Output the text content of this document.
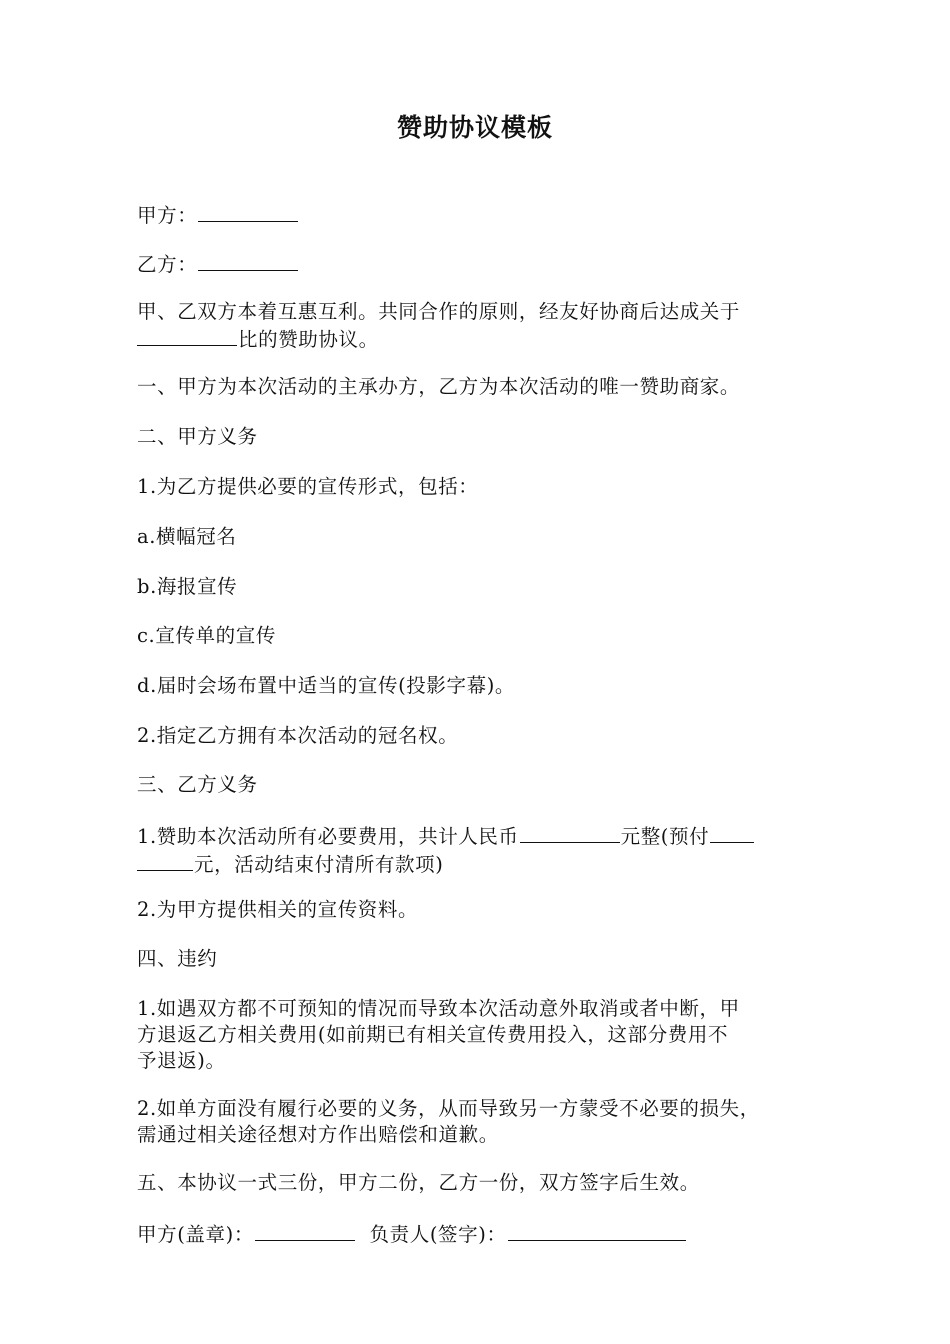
赞助协议模板
甲方：
乙方：
甲、乙双方本着互惠互利。共同合作的原则，经友好协商后达成关于
比的赞助协议。
一、甲方为本次活动的主承办方，乙方为本次活动的唯一赞助商家。
二、甲方义务
1.为乙方提供必要的宣传形式，包括：
a.横幅冠名
b.海报宣传
c.宣传单的宣传
d.届时会场布置中适当的宣传(投影字幕)。
2.指定乙方拥有本次活动的冠名权。
三、乙方义务
1.赞助本次活动所有必要费用，共计人民币	元整(预付
元，活动结束付清所有款项)
2.为甲方提供相关的宣传资料。
四、违约
1.如遇双方都不可预知的情况而导致本次活动意外取消或者中断，甲
方退返乙方相关费用(如前期已有相关宣传费用投入，这部分费用不
予退返)。
2.如单方面没有履行必要的义务，从而导致另一方蒙受不必要的损失，
需通过相关途径想对方作出赔偿和道歉。
五、本协议一式三份，甲方二份，乙方一份，双方签字后生效。
甲方(盖章)：	负责人(签字)：
